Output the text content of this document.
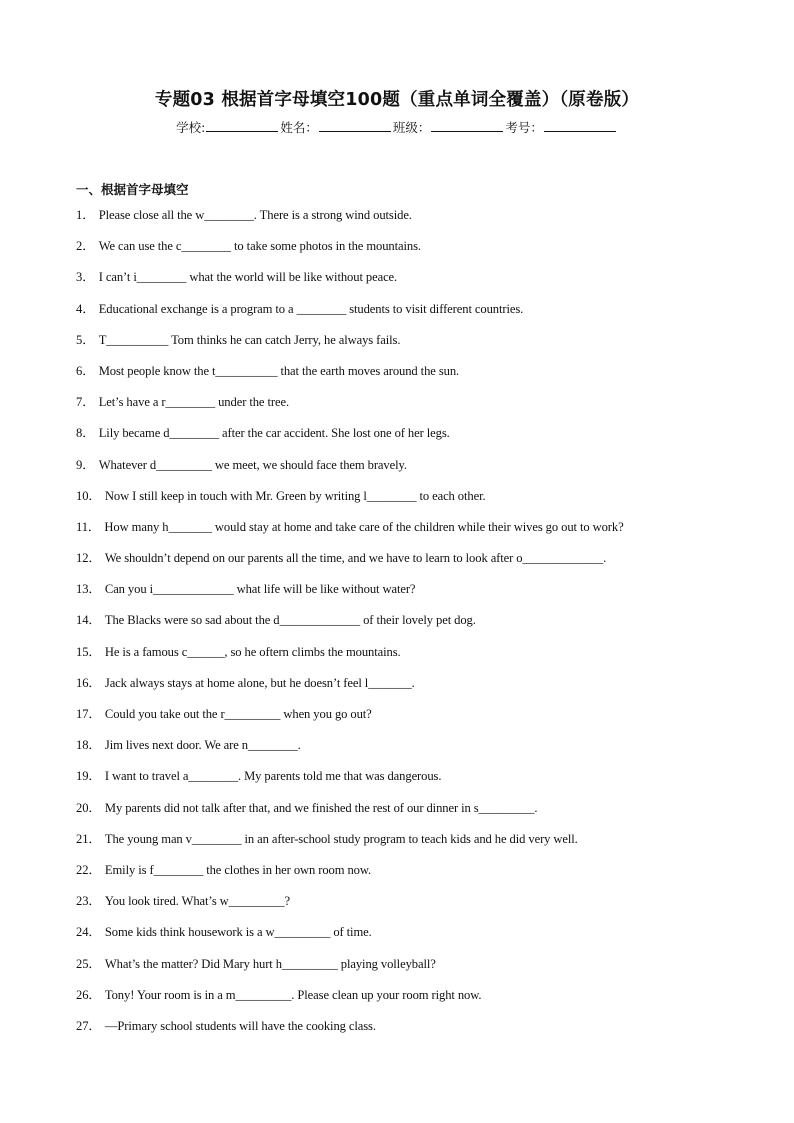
专题03 根据首字母填空100题（重点单词全覆盖）（原卷版）
学校:	姓名：	班级：	考号：
一、根据首字母填空
1． Please close all the w________. There is a strong wind outside.
2． We can use the c________ to take some photos in the mountains.
3． I can’t i________ what the world will be like without peace.
4． Educational exchange is a program to a ________ students to visit different countries.
5． T__________ Tom thinks he can catch Jerry, he always fails.
6． Most people know the t__________ that the earth moves around the sun.
7． Let’s have a r________ under the tree.
8． Lily became d________ after the car accident. She lost one of her legs.
9． Whatever d_________ we meet, we should face them bravely.
10． Now I still keep in touch with Mr. Green by writing l________ to each other.
11． How many h_______ would stay at home and take care of the children while their wives go out to work?
12． We shouldn’t depend on our parents all the time, and we have to learn to look after o_____________.
13． Can you i_____________ what life will be like without water?
14． The Blacks were so sad about the d_____________ of their lovely pet dog.
15． He is a famous c______, so he oftern climbs the mountains.
16． Jack always stays at home alone, but he doesn’t feel l_______.
17． Could you take out the r_________ when you go out?
18． Jim lives next door. We are n________.
19． I want to travel a________. My parents told me that was dangerous.
20． My parents did not talk after that, and we finished the rest of our dinner in s_________.
21． The young man v________ in an after-school study program to teach kids and he did very well.
22． Emily is f________ the clothes in her own room now.
23． You look tired. What’s w_________?
24． Some kids think housework is a w_________ of time.
25． What’s the matter? Did Mary hurt h_________ playing volleyball?
26． Tony! Your room is in a m_________. Please clean up your room right now.
27． —Primary school students will have the cooking class.
